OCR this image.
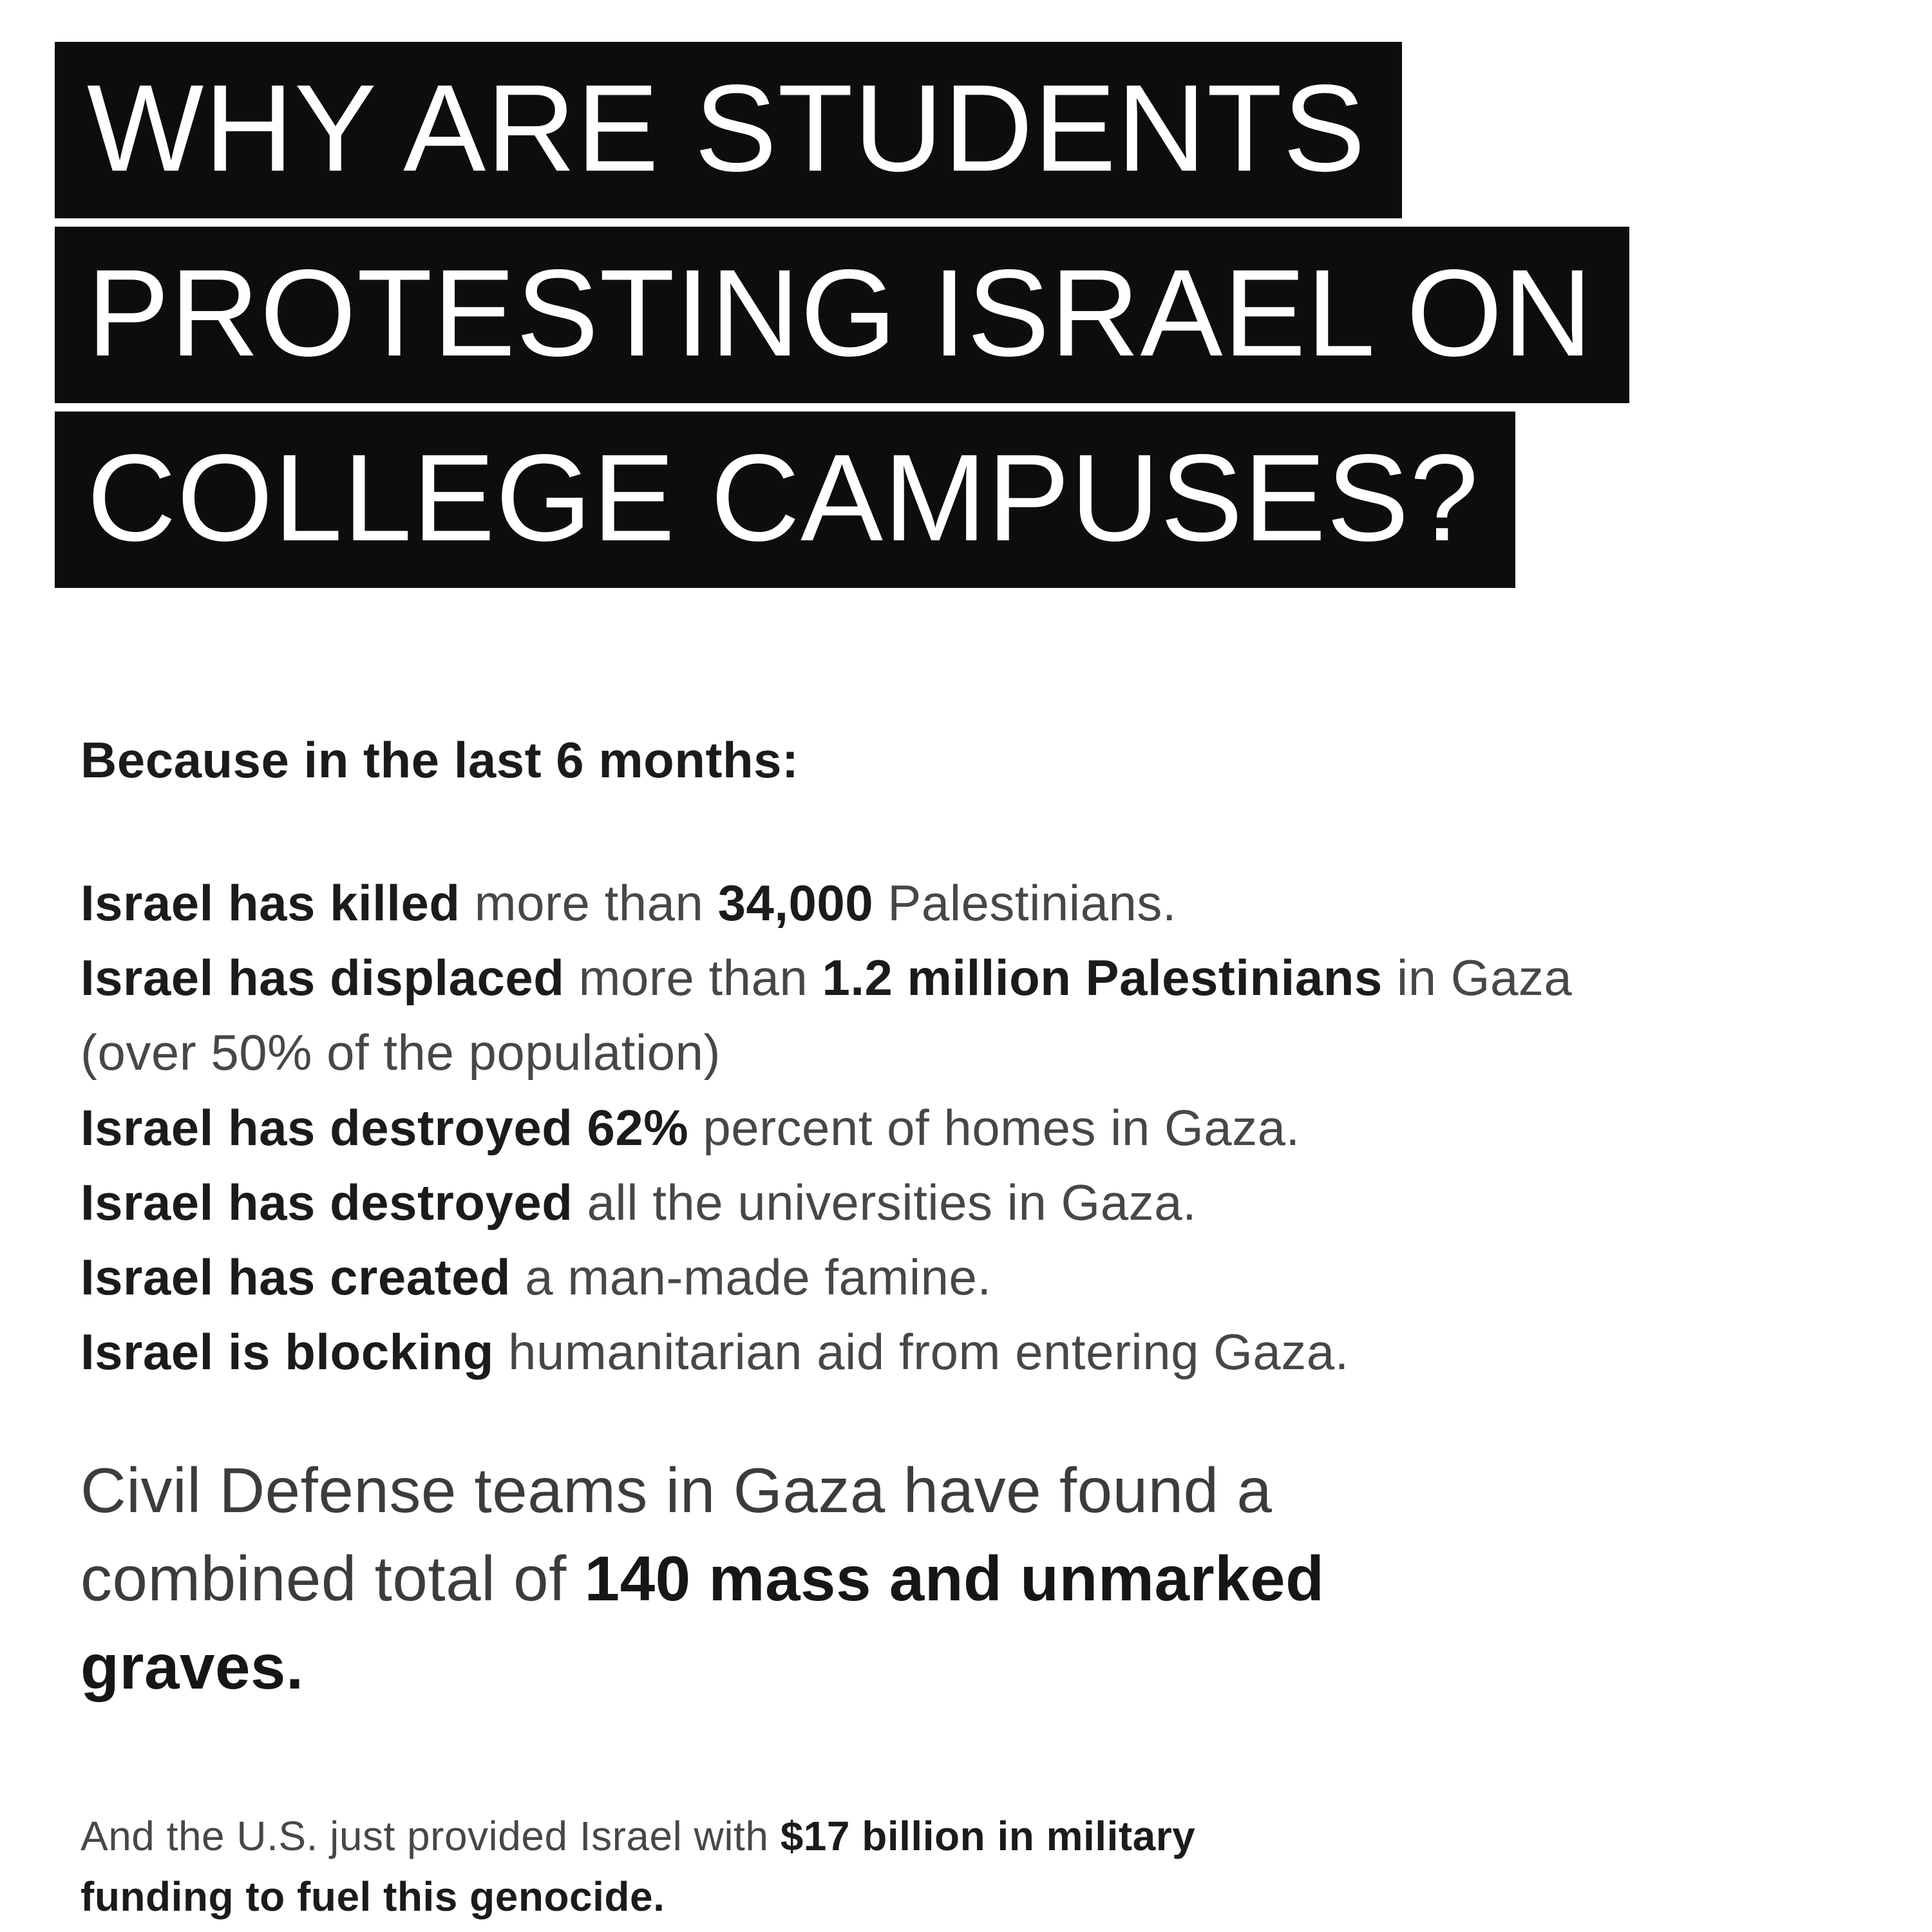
WHY ARE STUDENTS
PROTESTING ISRAEL ON
COLLEGE CAMPUSES?
Because in the last 6 months:
Israel has killed more than 34,000 Palestinians.
Israel has displaced more than 1.2 million Palestinians in Gaza
(over 50% of the population)
Israel has destroyed 62% percent of homes in Gaza.
Israel has destroyed all the universities in Gaza.
Israel has created a man-made famine.
Israel is blocking humanitarian aid from entering Gaza.
Civil Defense teams in Gaza have found a
combined total of 140 mass and unmarked
graves.
And the U.S. just provided Israel with $17 billion in military
funding to fuel this genocide.
